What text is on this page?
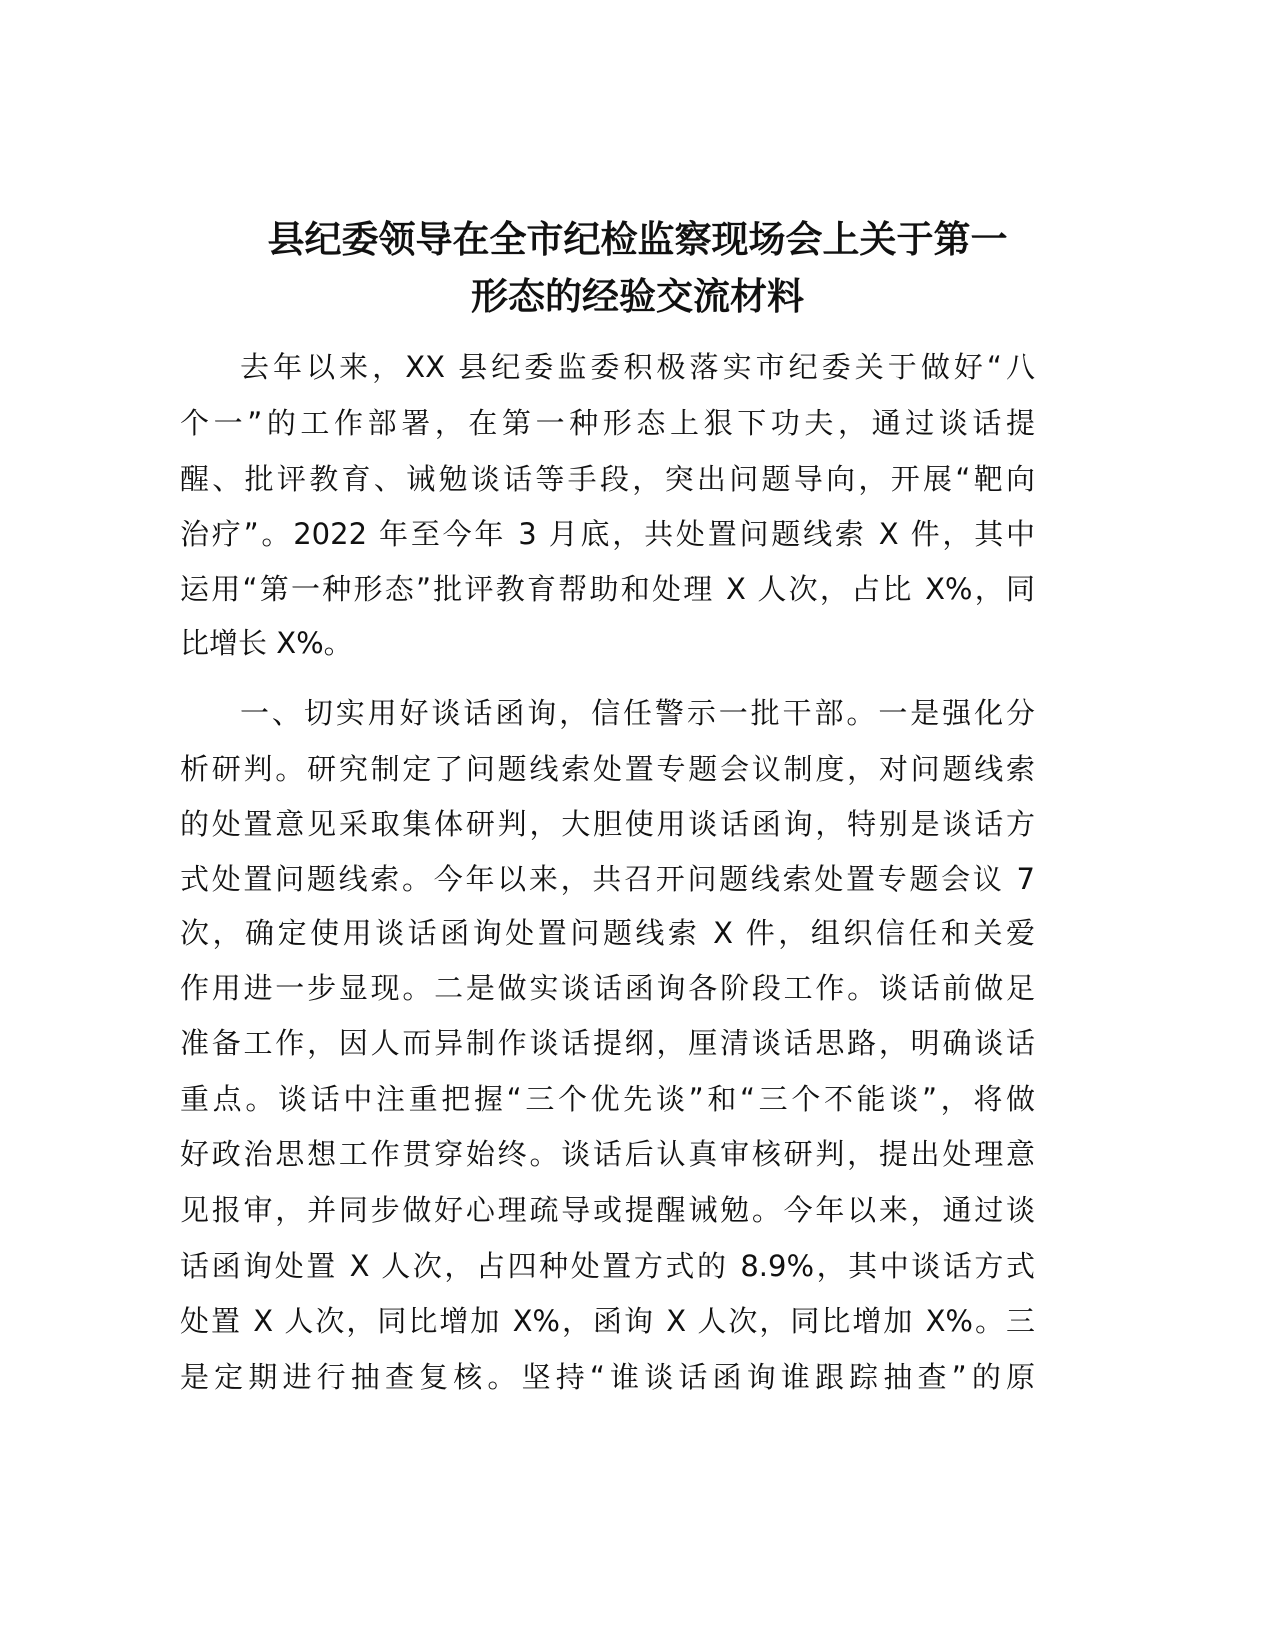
县纪委领导在全市纪检监察现场会上关于第一
形态的经验交流材料
去年以来，XX 县纪委监委积极落实市纪委关于做好“八
个一”的工作部署，在第一种形态上狠下功夫，通过谈话提
醒、批评教育、诫勉谈话等手段，突出问题导向，开展“靶向
治疗”。2022 年至今年 3 月底，共处置问题线索 X 件，其中
运用“第一种形态”批评教育帮助和处理 X 人次，占比 X%，同
比增长 X%。
一、切实用好谈话函询，信任警示一批干部。一是强化分
析研判。研究制定了问题线索处置专题会议制度，对问题线索
的处置意见采取集体研判，大胆使用谈话函询，特别是谈话方
式处置问题线索。今年以来，共召开问题线索处置专题会议 7
次，确定使用谈话函询处置问题线索 X 件，组织信任和关爱
作用进一步显现。二是做实谈话函询各阶段工作。谈话前做足
准备工作，因人而异制作谈话提纲，厘清谈话思路，明确谈话
重点。谈话中注重把握“三个优先谈”和“三个不能谈”，将做
好政治思想工作贯穿始终。谈话后认真审核研判，提出处理意
见报审，并同步做好心理疏导或提醒诫勉。今年以来，通过谈
话函询处置 X 人次，占四种处置方式的 8.9%，其中谈话方式
处置 X 人次，同比增加 X%，函询 X 人次，同比增加 X%。三
是定期进行抽查复核。坚持“谁谈话函询谁跟踪抽查”的原
